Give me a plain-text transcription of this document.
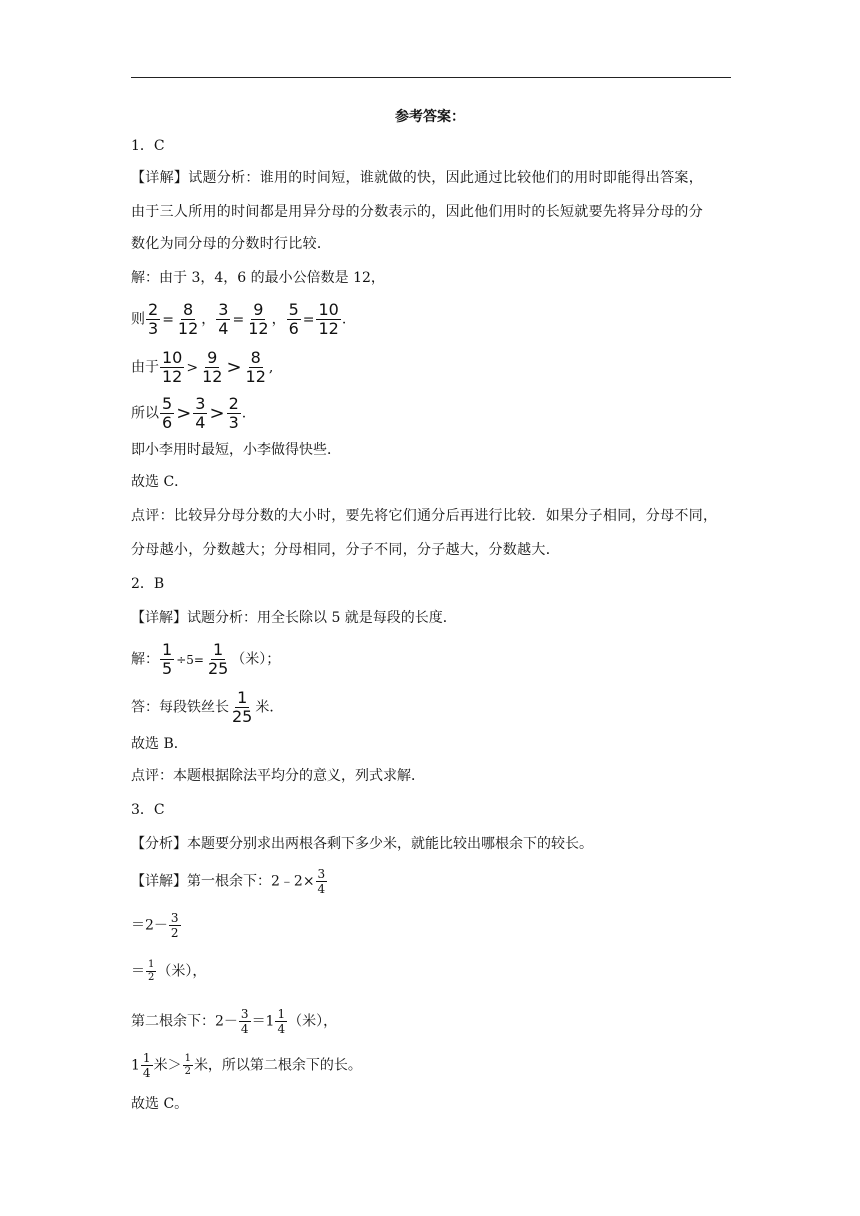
参考答案：
1．C
【详解】试题分析：谁用的时间短，谁就做的快，因此通过比较他们的用时即能得出答案，
由于三人所用的时间都是用异分母的分数表示的，因此他们用时的长短就要先将异分母的分
数化为同分母的分数时行比较．
解：由于 3，4，6 的最小公倍数是 12，
则 $\frac{2}{3} = \frac{8}{12}$ ， $\frac{3}{4} = \frac{9}{12}$ ， $\frac{5}{6} = \frac{10}{12}$ .
由于 $\frac{10}{12} > \frac{9}{12} > \frac{8}{12}$ ,
所以 $\frac{5}{6} > \frac{3}{4} > \frac{2}{3}$ .
即小李用时最短，小李做得快些．
故选 C．
点评：比较异分母分数的大小时，要先将它们通分后再进行比较．如果分子相同，分母不同，
分母越小，分数越大；分母相同，分子不同，分子越大，分数越大．
2．B
【详解】试题分析：用全长除以 5 就是每段的长度．
解： $\frac{1}{5} \div 5= \frac{1}{25}$ （米）；
答：每段铁丝长 $\frac{1}{25}$ 米．
故选 B．
点评：本题根据除法平均分的意义，列式求解．
3．C
【分析】本题要分别求出两根各剩下多少米，就能比较出哪根余下的较长。
【详解】第一根余下：2﹣2× $\frac{3}{4}$
$=2- \frac{3}{2}$
＝ $\frac{1}{2}$ （米），
第二根余下：$2- \frac{3}{4} =1 \frac{1}{4}$ （米），
$1 \frac{1}{4}$ 米＞ $\frac{1}{2}$ 米，所以第二根余下的长。
故选 C。
